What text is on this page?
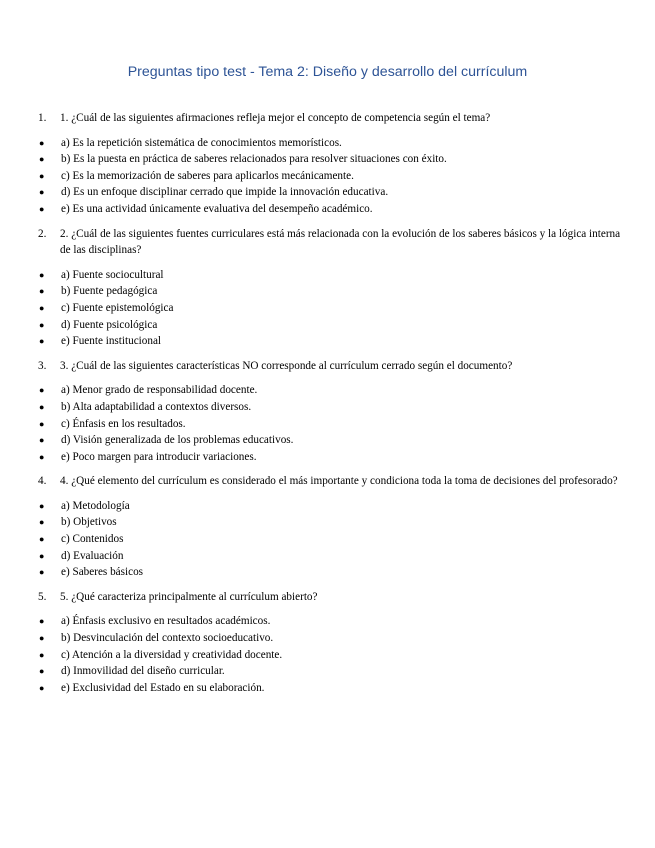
Preguntas tipo test - Tema 2: Diseño y desarrollo del currículum
1.	1. ¿Cuál de las siguientes afirmaciones refleja mejor el concepto de competencia según el tema?
●	a) Es la repetición sistemática de conocimientos memorísticos.
●	b) Es la puesta en práctica de saberes relacionados para resolver situaciones con éxito.
●	c) Es la memorización de saberes para aplicarlos mecánicamente.
●	d) Es un enfoque disciplinar cerrado que impide la innovación educativa.
●	e) Es una actividad únicamente evaluativa del desempeño académico.
2.	2. ¿Cuál de las siguientes fuentes curriculares está más relacionada con la evolución de los saberes básicos y la lógica interna de las disciplinas?
●	a) Fuente sociocultural
●	b) Fuente pedagógica
●	c) Fuente epistemológica
●	d) Fuente psicológica
●	e) Fuente institucional
3.	3. ¿Cuál de las siguientes características NO corresponde al currículum cerrado según el documento?
●	a) Menor grado de responsabilidad docente.
●	b) Alta adaptabilidad a contextos diversos.
●	c) Énfasis en los resultados.
●	d) Visión generalizada de los problemas educativos.
●	e) Poco margen para introducir variaciones.
4.	4. ¿Qué elemento del currículum es considerado el más importante y condiciona toda la toma de decisiones del profesorado?
●	a) Metodología
●	b) Objetivos
●	c) Contenidos
●	d) Evaluación
●	e) Saberes básicos
5.	5. ¿Qué caracteriza principalmente al currículum abierto?
●	a) Énfasis exclusivo en resultados académicos.
●	b) Desvinculación del contexto socioeducativo.
●	c) Atención a la diversidad y creatividad docente.
●	d) Inmovilidad del diseño curricular.
●	e) Exclusividad del Estado en su elaboración.
